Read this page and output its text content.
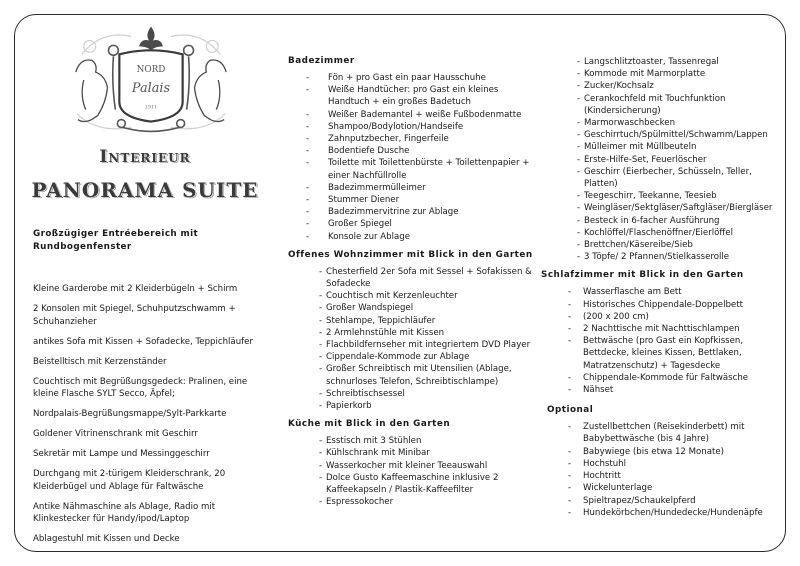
NORD
Palais
1911
Interieur
PANORAMA SUITE
Großzügiger Entréebereich mit Rundbogenfenster
Kleine Garderobe mit 2 Kleiderbügeln + Schirm
2 Konsolen mit Spiegel, Schuhputzschwamm + Schuhanzieher
antikes Sofa mit Kissen + Sofadecke, Teppichläufer
Beistelltisch mit Kerzenständer
Couchtisch mit Begrüßungsgedeck: Pralinen, eine kleine Flasche SYLT Secco, Äpfel;
Nordpalais-Begrüßungsmappe/Sylt-Parkkarte
Goldener Vitrinenschrank mit Geschirr
Sekretär mit Lampe und Messinggeschirr
Durchgang mit 2-türigem Kleiderschrank, 20 Kleiderbügel und Ablage für Faltwäsche
Antike Nähmaschine als Ablage, Radio mit Klinkestecker für Handy/ipod/Laptop
Ablagestuhl mit Kissen und Decke
Badezimmer
- Fön + pro Gast ein paar Hausschuhe
- Weiße Handtücher: pro Gast ein kleines Handtuch + ein großes Badetuch
- Weißer Bademantel + weiße Fußbodenmatte
- Shampoo/Bodylotion/Handseife
- Zahnputzbecher, Fingerfeile
- Bodentiefe Dusche
- Toilette mit Toilettenbürste + Toilettenpapier + einer Nachfüllrolle
- Badezimmermülleimer
- Stummer Diener
- Badezimmervitrine zur Ablage
- Großer Spiegel
- Konsole zur Ablage
Offenes Wohnzimmer mit Blick in den Garten
- Chesterfield 2er Sofa mit Sessel + Sofakissen & Sofadecke
- Couchtisch mit Kerzenleuchter
- Großer Wandspiegel
- Stehlampe, Teppichläufer
- 2 Armlehnstühle mit Kissen
- Flachbildfernseher mit integriertem DVD Player
- Cippendale-Kommode zur Ablage
- Großer Schreibtisch mit Utensilien (Ablage, schnurloses Telefon, Schreibtischlampe)
- Schreibtischsessel
- Papierkorb
Küche mit Blick in den Garten
- Esstisch mit 3 Stühlen
- Kühlschrank mit Minibar
- Wasserkocher mit kleiner Teeauswahl
- Dolce Gusto Kaffeemaschine inklusive 2 Kaffeekapseln / Plastik-Kaffeefilter
- Espressokocher
- Langschlitztoaster, Tassenregal
- Kommode mit Marmorplatte
- Zucker/Kochsalz
- Cerankochfeld mit Touchfunktion (Kindersicherung)
- Marmorwaschbecken
- Geschirrtuch/Spülmittel/Schwamm/Lappen
- Mülleimer mit Müllbeuteln
- Erste-Hilfe-Set, Feuerlöscher
- Geschirr (Eierbecher, Schüsseln, Teller, Platten)
- Teegeschirr, Teekanne, Teesieb
- Weingläser/Sektgläser/Saftgläser/Biergläser
- Besteck in 6-facher Ausführung
- Kochlöffel/Flaschenöffner/Eierlöffel
- Brettchen/Käsereibe/Sieb
- 3 Töpfe/ 2 Pfannen/Stielkasserolle
Schlafzimmer mit Blick in den Garten
- Wasserflasche am Bett
- Historisches Chippendale-Doppelbett
- (200 x 200 cm)
- 2 Nachttische mit Nachttischlampen
- Bettwäsche (pro Gast ein Kopfkissen, Bettdecke, kleines Kissen, Bettlaken, Matratzenschutz) + Tagesdecke
- Chippendale-Kommode für Faltwäsche
- Nähset
Optional
- Zustellbettchen (Reisekinderbett) mit Babybettwäsche (bis 4 Jahre)
- Babywiege (bis etwa 12 Monate)
- Hochstuhl
- Hochtritt
- Wickelunterlage
- Spieltrapez/Schaukelpferd
- Hundekörbchen/Hundedecke/Hundenäpfe
